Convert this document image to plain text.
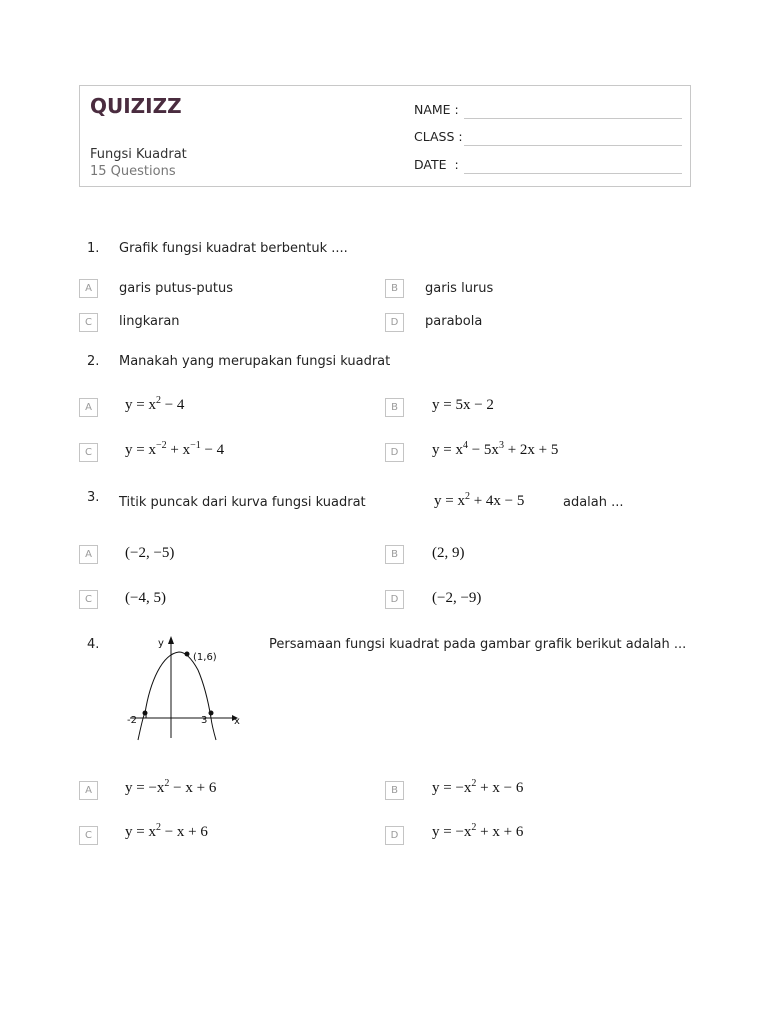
QUIZIZZ
Fungsi Kuadrat
15 Questions
NAME :
CLASS :
DATE  :
1. Grafik fungsi kuadrat berbentuk ....
A	garis putus-putus	B	garis lurus
C	lingkaran	D	parabola
2. Manakah yang merupakan fungsi kuadrat
A	$y = x^2 - 4$	B	y = 5x − 2
C	$y = x^{-2} + x^{-1} - 4$	D	$y = x^4 - 5x^3 + 2x + 5$
3. Titik puncak dari kurva fungsi kuadrat	$y = x^2 + 4x - 5$	adalah ...
A	(−2, −5)	B	(2, 9)
C	(−4, 5)	D	(−2, −9)
4.	y
x
-2	3
(1,6)
Persamaan fungsi kuadrat pada gambar grafik berikut adalah ...
A	$y = -x^2 - x + 6$	B	$y = -x^2 + x - 6$
C	$y = x^2 - x + 6$	D	$y = -x^2 + x + 6$
